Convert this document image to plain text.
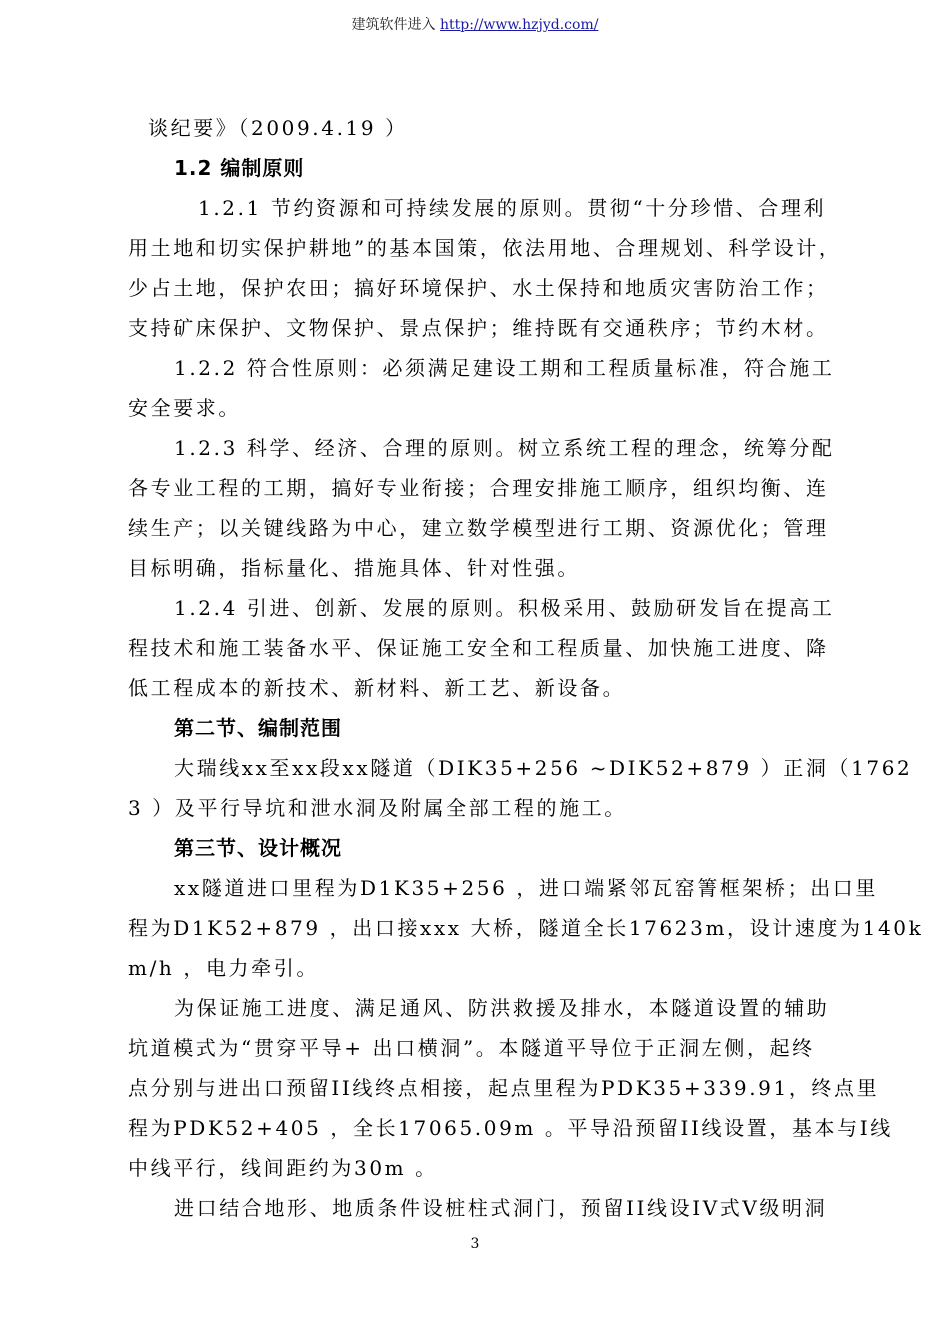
建筑软件进入 http://www.hzjyd.com/
谈纪要》（2009.4.19 ）
1.2 编制原则
1.2.1 节约资源和可持续发展的原则。贯彻“十分珍惜、合理利
用土地和切实保护耕地”的基本国策，依法用地、合理规划、科学设计，
少占土地，保护农田；搞好环境保护、水土保持和地质灾害防治工作；
支持矿床保护、文物保护、景点保护；维持既有交通秩序；节约木材。
1.2.2 符合性原则：必须满足建设工期和工程质量标准，符合施工
安全要求。
1.2.3 科学、经济、合理的原则。树立系统工程的理念，统筹分配
各专业工程的工期，搞好专业衔接；合理安排施工顺序，组织均衡、连
续生产；以关键线路为中心，建立数学模型进行工期、资源优化；管理
目标明确，指标量化、措施具体、针对性强。
1.2.4 引进、创新、发展的原则。积极采用、鼓励研发旨在提高工
程技术和施工装备水平、保证施工安全和工程质量、加快施工进度、降
低工程成本的新技术、新材料、新工艺、新设备。
第二节、编制范围
大瑞线xx至xx段xx隧道（DIK35+256 ~DIK52+879 ）正洞（1762
3 ）及平行导坑和泄水洞及附属全部工程的施工。
第三节、设计概况
xx隧道进口里程为D1K35+256 ，进口端紧邻瓦窑箐框架桥；出口里
程为D1K52+879 ，出口接xxx 大桥，隧道全长17623m，设计速度为140k
m/h ，电力牵引。
为保证施工进度、满足通风、防洪救援及排水，本隧道设置的辅助
坑道模式为“贯穿平导+ 出口横洞”。本隧道平导位于正洞左侧，起终
点分别与进出口预留II线终点相接，起点里程为PDK35+339.91，终点里
程为PDK52+405 ，全长17065.09m 。平导沿预留II线设置，基本与I线
中线平行，线间距约为30m 。
进口结合地形、地质条件设桩柱式洞门，预留II线设IV式V级明洞
3
